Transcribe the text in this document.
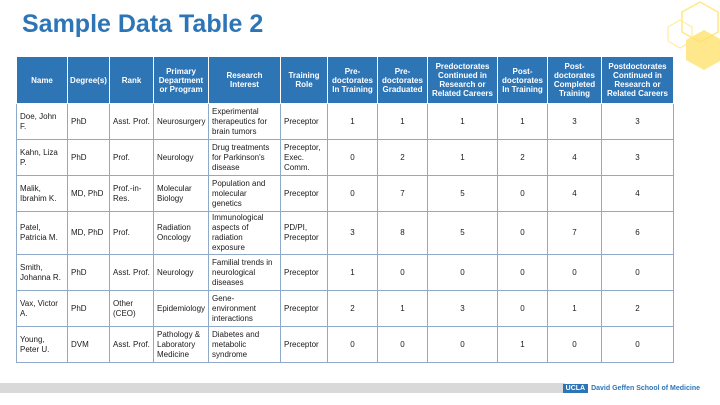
Sample Data Table 2
Name	Degree(s)	Rank	Primary Department or Program	Research Interest	Training Role	Pre-doctorates In Training	Pre-doctorates Graduated	Predoctorates Continued in Research or Related Careers	Post-doctorates In Training	Post-doctorates Completed Training	Postdoctorates Continued in Research or Related Careers
Doe, John F.	PhD	Asst. Prof.	Neurosurgery	Experimental therapeutics for brain tumors	Preceptor	1	1	1	1	3	3
Kahn, Liza P.	PhD	Prof.	Neurology	Drug treatments for Parkinson's disease	Preceptor, Exec. Comm.	0	2	1	2	4	3
Malik, Ibrahim K.	MD, PhD	Prof.-in-Res.	Molecular Biology	Population and molecular genetics	Preceptor	0	7	5	0	4	4
Patel, Patricia M.	MD, PhD	Prof.	Radiation Oncology	Immunological aspects of radiation exposure	PD/PI, Preceptor	3	8	5	0	7	6
Smith, Johanna R.	PhD	Asst. Prof.	Neurology	Familial trends in neurological diseases	Preceptor	1	0	0	0	0	0
Vax, Victor A.	PhD	Other (CEO)	Epidemiology	Gene-environment interactions	Preceptor	2	1	3	0	1	2
Young, Peter U.	DVM	Asst. Prof.	Pathology & Laboratory Medicine	Diabetes and metabolic syndrome	Preceptor	0	0	0	1	0	0
UCLA David Geffen School of Medicine
